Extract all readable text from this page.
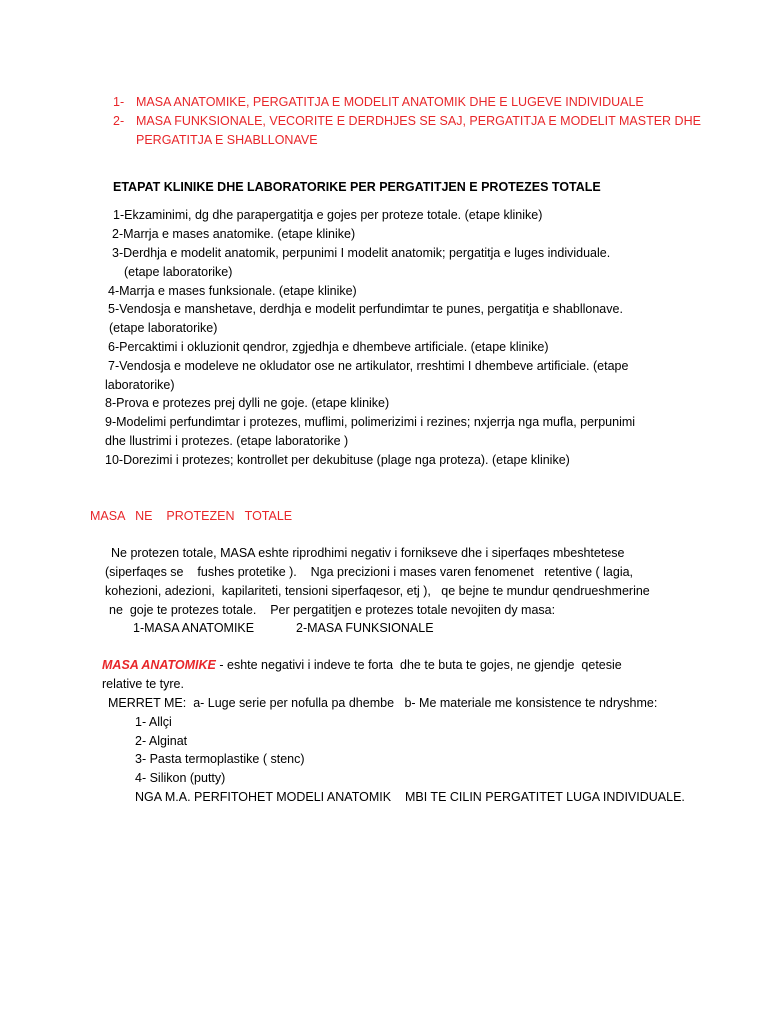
1- MASA ANATOMIKE, PERGATITJA E MODELIT ANATOMIK DHE E LUGEVE INDIVIDUALE
2- MASA FUNKSIONALE, VECORITE E DERDHJES SE SAJ, PERGATITJA E MODELIT MASTER DHE
PERGATITJA E SHABLLONAVE
ETAPAT KLINIKE DHE LABORATORIKE PER PERGATITJEN E PROTEZES TOTALE
1-Ekzaminimi, dg dhe parapergatitja e gojes per proteze totale. (etape klinike)
2-Marrja e mases anatomike. (etape klinike)
3-Derdhja e modelit anatomik, perpunimi I modelit anatomik; pergatitja e luges individuale.
(etape laboratorike)
4-Marrja e mases funksionale. (etape klinike)
5-Vendosja e manshetave, derdhja e modelit perfundimtar te punes, pergatitja e shabllonave.
(etape laboratorike)
6-Percaktimi i okluzionit qendror, zgjedhja e dhembeve artificiale. (etape klinike)
7-Vendosja e modeleve ne okludator ose ne artikulator, rreshtimi I dhembeve artificiale. (etape
laboratorike)
8-Prova e protezes prej dylli ne goje. (etape klinike)
9-Modelimi perfundimtar i protezes, muflimi, polimerizimi i rezines; nxjerrja nga mufla, perpunimi
dhe llustrimi i protezes. (etape laboratorike )
10-Dorezimi i protezes; kontrollet per dekubituse (plage nga proteza). (etape klinike)
MASA   NE    PROTEZEN   TOTALE
Ne protezen totale, MASA eshte riprodhimi negativ i fornikseve dhe i siperfaqes mbeshtetese
(siperfaqes se    fushes protetike ).    Nga precizioni i mases varen fenomenet   retentive ( lagia,
kohezioni, adezioni,  kapilariteti, tensioni siperfaqesor, etj ),   qe bejne te mundur qendrueshmerine
ne  goje te protezes totale.    Per pergatitjen e protezes totale nevojiten dy masa:
1-MASA ANATOMIKE	2-MASA FUNKSIONALE
MASA ANATOMIKE - eshte negativi i indeve te forta  dhe te buta te gojes, ne gjendje  qetesie
relative te tyre.
MERRET ME:  a- Luge serie per nofulla pa dhembe   b- Me materiale me konsistence te ndryshme:
1- Allçi
2- Alginat
3- Pasta termoplastike ( stenc)
4- Silikon (putty)
NGA M.A. PERFITOHET MODELI ANATOMIK    MBI TE CILIN PERGATITET LUGA INDIVIDUALE.
